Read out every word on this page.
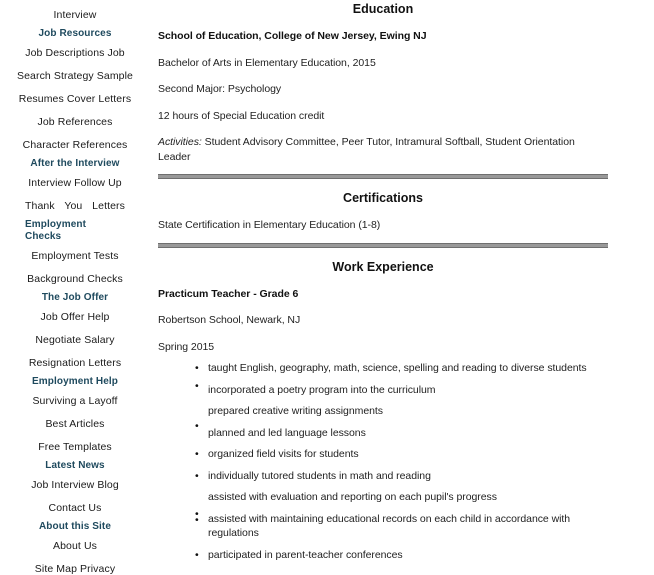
Interview
Job Resources
Job Descriptions Job
Search Strategy Sample
Resumes Cover Letters
Job References
Character References
After the Interview
Interview Follow Up
Thank You Letters
Employment Checks
Employment Tests
Background Checks
The Job Offer
Job Offer Help
Negotiate Salary
Resignation Letters
Employment Help
Surviving a Layoff
Best Articles
Free Templates
Latest News
Job Interview Blog
Contact Us
About this Site
About Us
Site Map Privacy
Education

School of Education, College of New Jersey, Ewing NJ

Bachelor of Arts in Elementary Education, 2015

Second Major: Psychology

12 hours of Special Education credit

Activities: Student Advisory Committee, Peer Tutor, Intramural Softball, Student Orientation Leader

Certifications

State Certification in Elementary Education (1-8)

Work Experience

Practicum Teacher - Grade 6

Robertson School, Newark, NJ

Spring 2015

•
taught English, geography, math, science, spelling and reading to diverse students
•
incorporated a poetry program into the curriculum
prepared creative writing assignments
•
planned and led language lessons
•
organized field visits for students
•
individually tutored students in math and reading
assisted with evaluation and reporting on each pupil's progress
• •
assisted with maintaining educational records on each child in accordance with regulations
•
participated in parent-teacher conferences
